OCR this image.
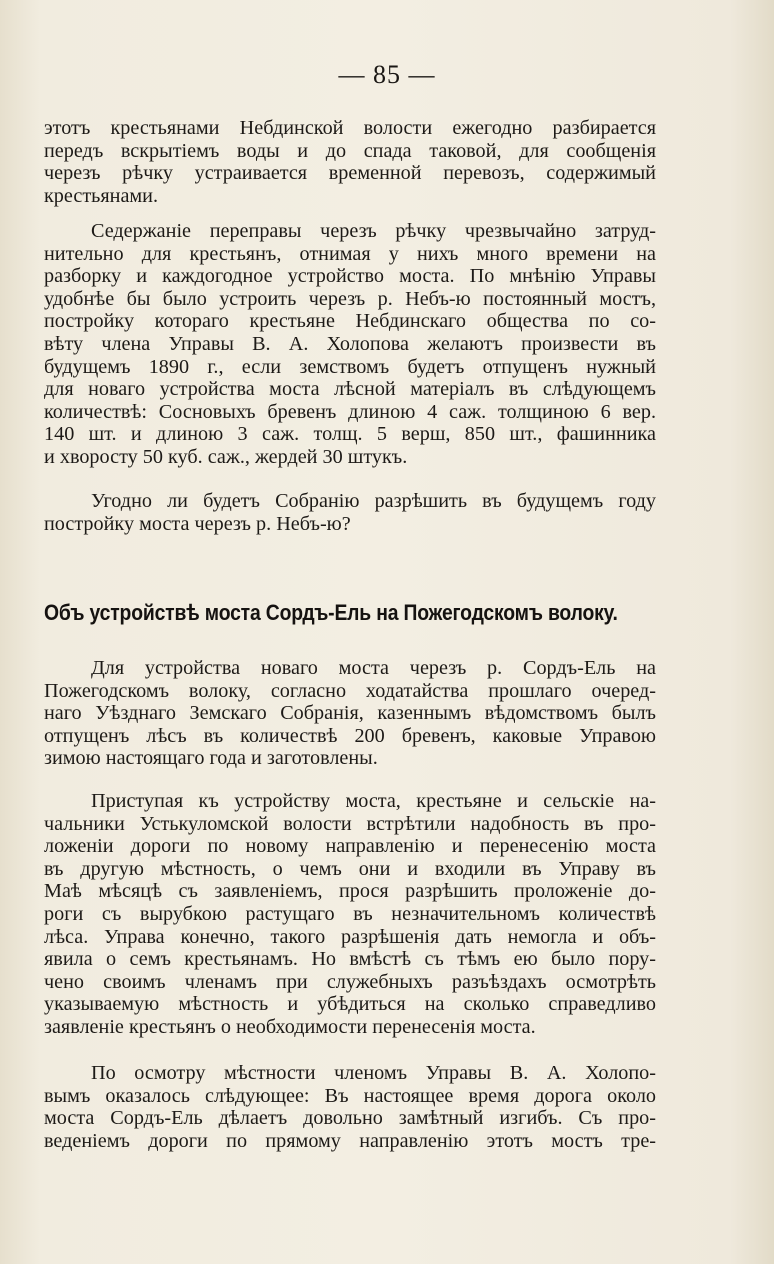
— 85 —
этотъ крестьянами Небдинской волости ежегодно разбирается
передъ вскрытіемъ воды и до спада таковой, для сообщенія
черезъ рѣчку устраивается временной перевозъ, содержимый
крестьянами.
Седержаніе переправы черезъ рѣчку чрезвычайно затруд-
нительно для крестьянъ, отнимая у нихъ много времени на
разборку и каждогодное устройство моста. По мнѣнію Управы
удобнѣе бы было устроить черезъ р. Небъ-ю постоянный мостъ,
постройку котораго крестьяне Небдинскаго общества по со-
вѣту члена Управы В. А. Холопова желаютъ произвести въ
будущемъ 1890 г., если земствомъ будетъ отпущенъ нужный
для новаго устройства моста лѣсной матеріалъ въ слѣдующемъ
количествѣ: Сосновыхъ бревенъ длиною 4 саж. толщиною 6 вер.
140 шт. и длиною 3 саж. толщ. 5 верш, 850 шт., фашинника
и хворосту 50 куб. саж., жердей 30 штукъ.
Угодно ли будетъ Собранію разрѣшить въ будущемъ году
постройку моста черезъ р. Небъ-ю?
Объ устройствѣ моста Сордъ-Ель на Пожегодскомъ волоку.
Для устройства новаго моста черезъ р. Сордъ-Ель на
Пожегодскомъ волоку, согласно ходатайства прошлаго очеред-
наго Уѣзднаго Земскаго Собранія, казеннымъ вѣдомствомъ былъ
отпущенъ лѣсъ въ количествѣ 200 бревенъ, каковые Управою
зимою настоящаго года и заготовлены.
Приступая къ устройству моста, крестьяне и сельскіе на-
чальники Устькуломской волости встрѣтили надобность въ про-
ложеніи дороги по новому направленію и перенесенію моста
въ другую мѣстность, о чемъ они и входили въ Управу въ
Маѣ мѣсяцѣ съ заявленіемъ, прося разрѣшить проложеніе до-
роги съ вырубкою растущаго въ незначительномъ количествѣ
лѣса. Управа конечно, такого разрѣшенія дать немогла и объ-
явила о семъ крестьянамъ. Но вмѣстѣ съ тѣмъ ею было пору-
чено своимъ членамъ при служебныхъ разъѣздахъ осмотрѣть
указываемую мѣстность и убѣдиться на сколько справедливо
заявленіе крестьянъ о необходимости перенесенія моста.
По осмотру мѣстности членомъ Управы В. А. Холопо-
вымъ оказалось слѣдующее: Въ настоящее время дорога около
моста Сордъ-Ель дѣлаетъ довольно замѣтный изгибъ. Съ про-
веденіемъ дороги по прямому направленію этотъ мостъ тре-
